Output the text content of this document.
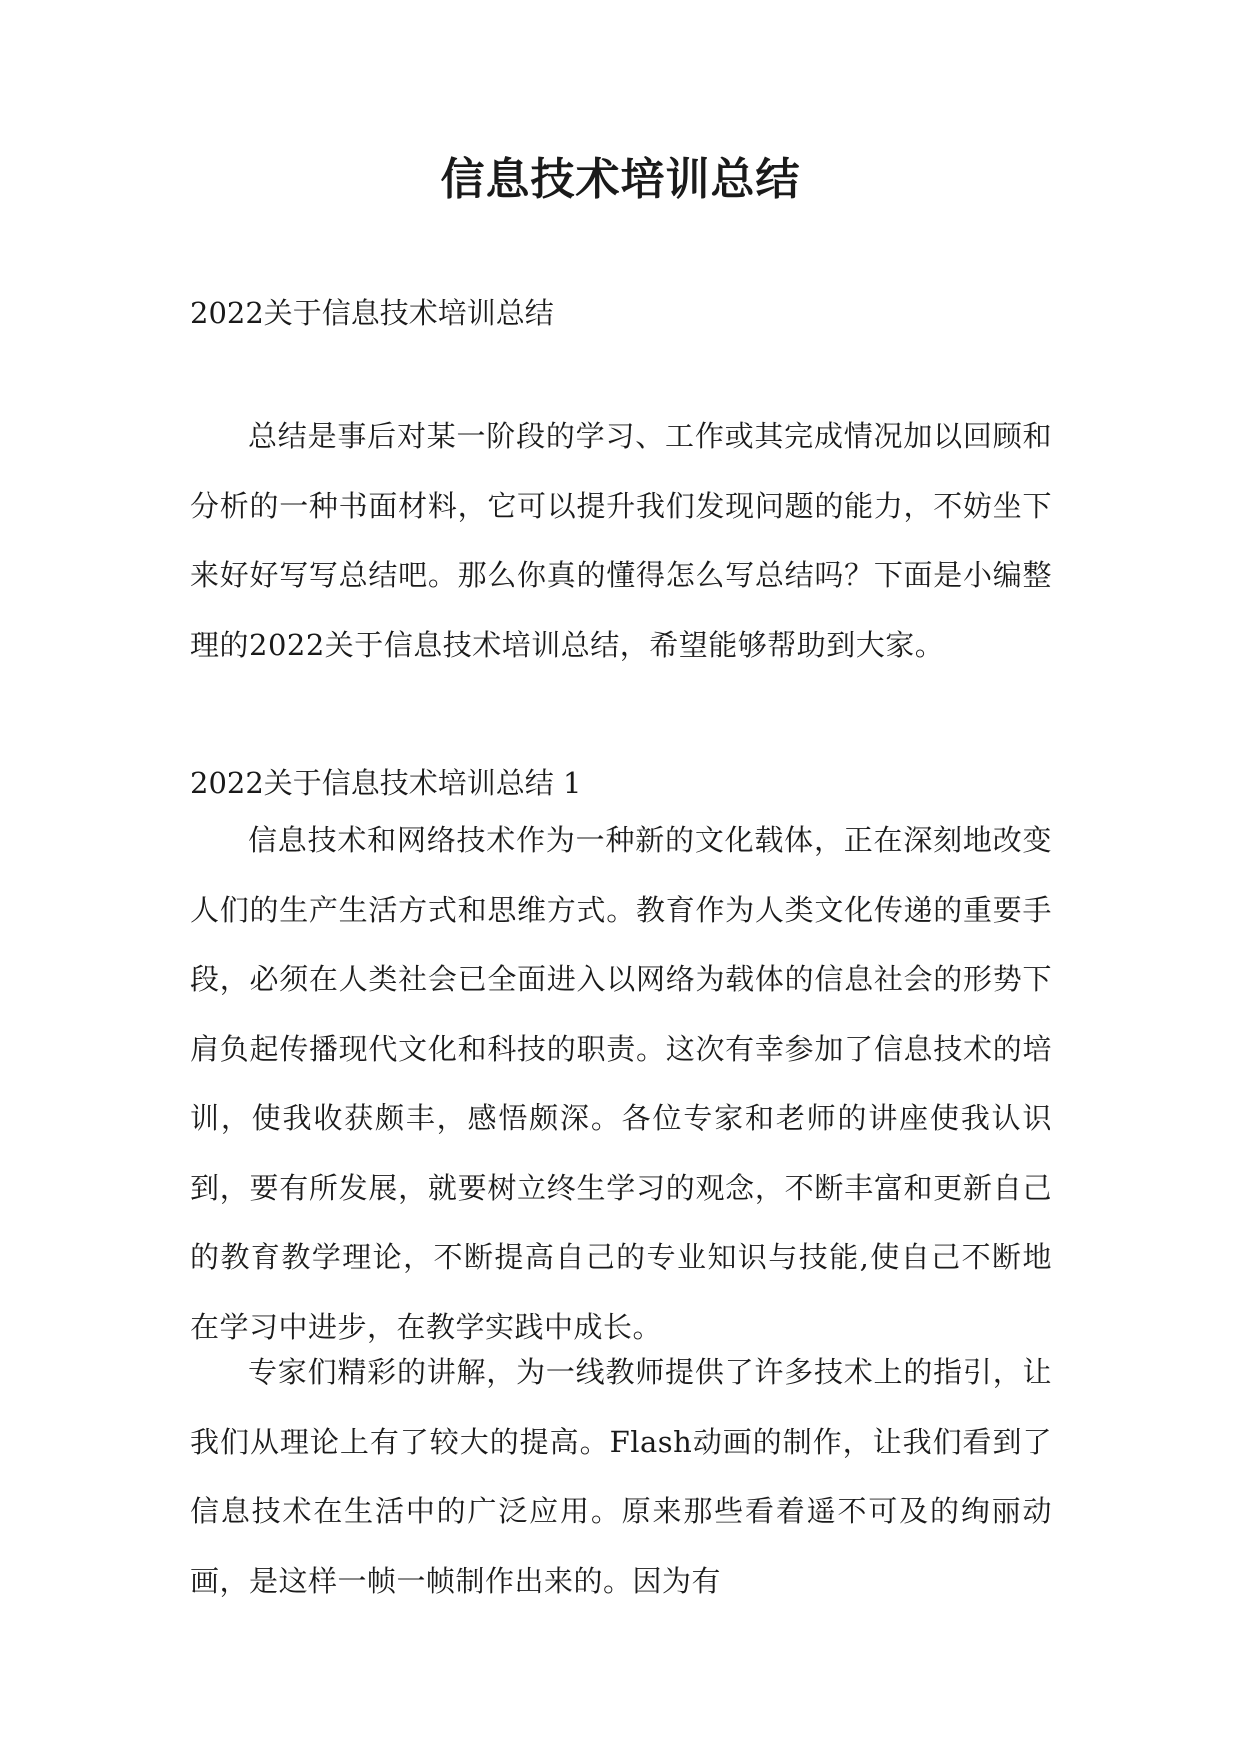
信息技术培训总结

2022关于信息技术培训总结

总结是事后对某一阶段的学习、工作或其完成情况加以回顾和分析的一种书面材料，它可以提升我们发现问题的能力，不妨坐下来好好写写总结吧。那么你真的懂得怎么写总结吗？下面是小编整理的2022关于信息技术培训总结，希望能够帮助到大家。

2022关于信息技术培训总结 1

信息技术和网络技术作为一种新的文化载体，正在深刻地改变人们的生产生活方式和思维方式。教育作为人类文化传递的重要手段，必须在人类社会已全面进入以网络为载体的信息社会的形势下肩负起传播现代文化和科技的职责。这次有幸参加了信息技术的培训，使我收获颇丰，感悟颇深。各位专家和老师的讲座使我认识到，要有所发展，就要树立终生学习的观念，不断丰富和更新自己的教育教学理论，不断提高自己的专业知识与技能,使自己不断地在学习中进步，在教学实践中成长。

专家们精彩的讲解，为一线教师提供了许多技术上的指引，让我们从理论上有了较大的提高。Flash动画的制作，让我们看到了信息技术在生活中的广泛应用。原来那些看着遥不可及的绚丽动画，是这样一帧一帧制作出来的。因为有
